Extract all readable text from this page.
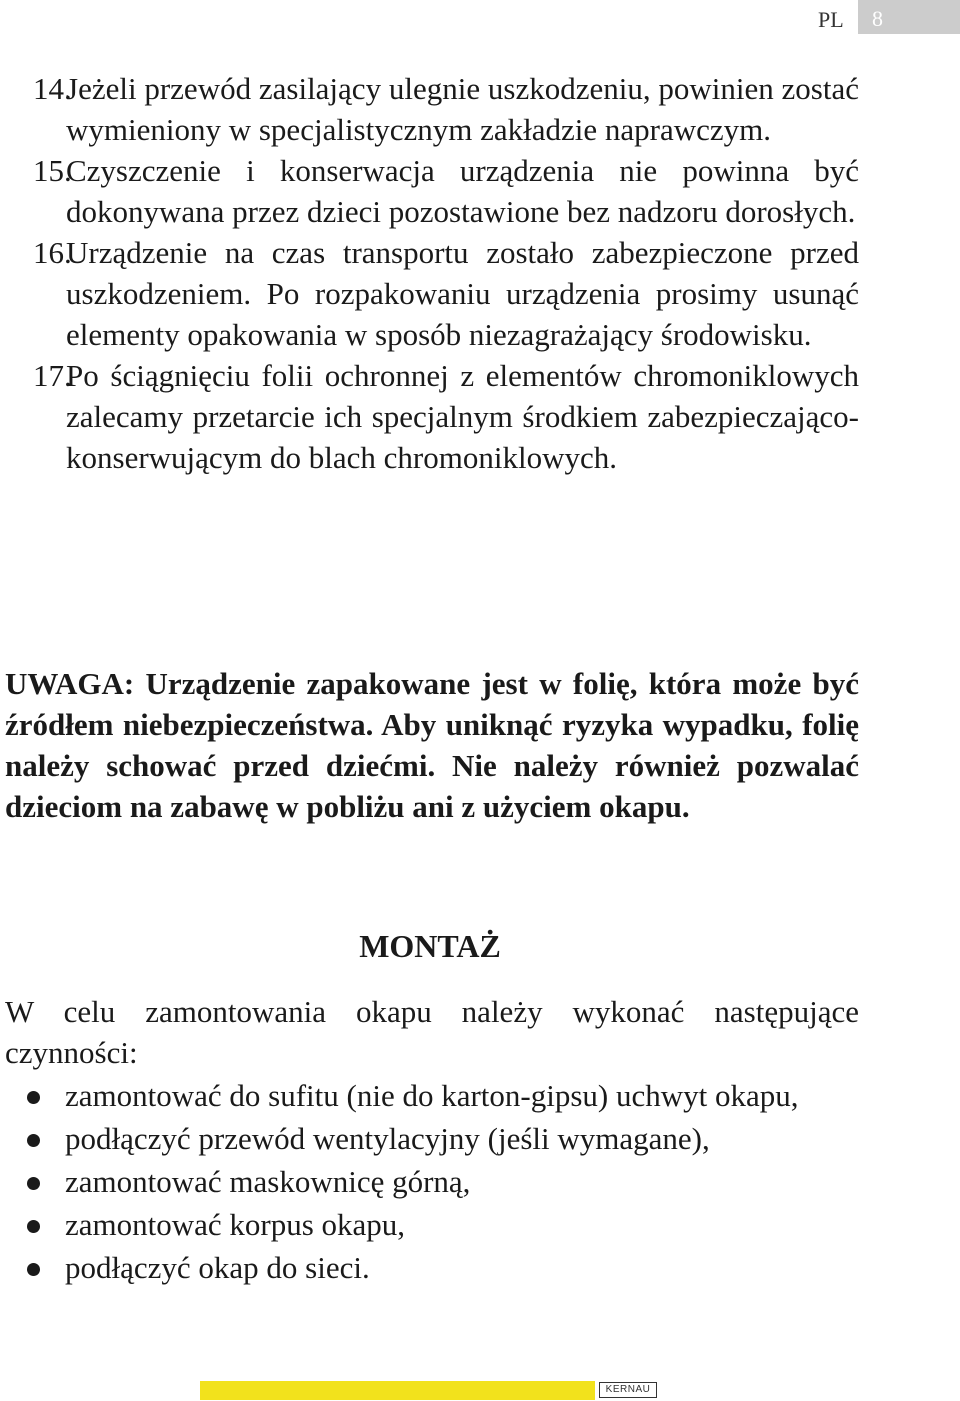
PL 8
14.
Jeżeli przewód zasilający ulegnie uszkodzeniu, powinien zostać wymieniony w specjalistycznym zakładzie naprawczym.
15.
Czyszczenie i konserwacja urządzenia nie powinna być dokonywana przez dzieci pozostawione bez nadzoru dorosłych.
16.
Urządzenie na czas transportu zostało zabezpieczone przed uszkodzeniem. Po rozpakowaniu urządzenia prosimy usunąć elementy opakowania w sposób niezagrażający środowisku.
17.
Po ściągnięciu folii ochronnej z elementów chromoniklowych zalecamy przetarcie ich specjalnym środkiem zabezpieczająco-konserwującym do blach chromoniklowych.

UWAGA: Urządzenie zapakowane jest w folię, która może być źródłem niebezpieczeństwa. Aby uniknąć ryzyka wypadku, folię należy schować przed dziećmi. Nie należy również pozwalać dzieciom na zabawę w pobliżu ani z użyciem okapu.

MONTAŻ

W celu zamontowania okapu należy wykonać następujące czynności:

zamontować do sufitu (nie do karton-gipsu) uchwyt okapu,
podłączyć przewód wentylacyjny (jeśli wymagane),
zamontować maskownicę górną,
zamontować korpus okapu,
podłączyć okap do sieci.
KERNAU
